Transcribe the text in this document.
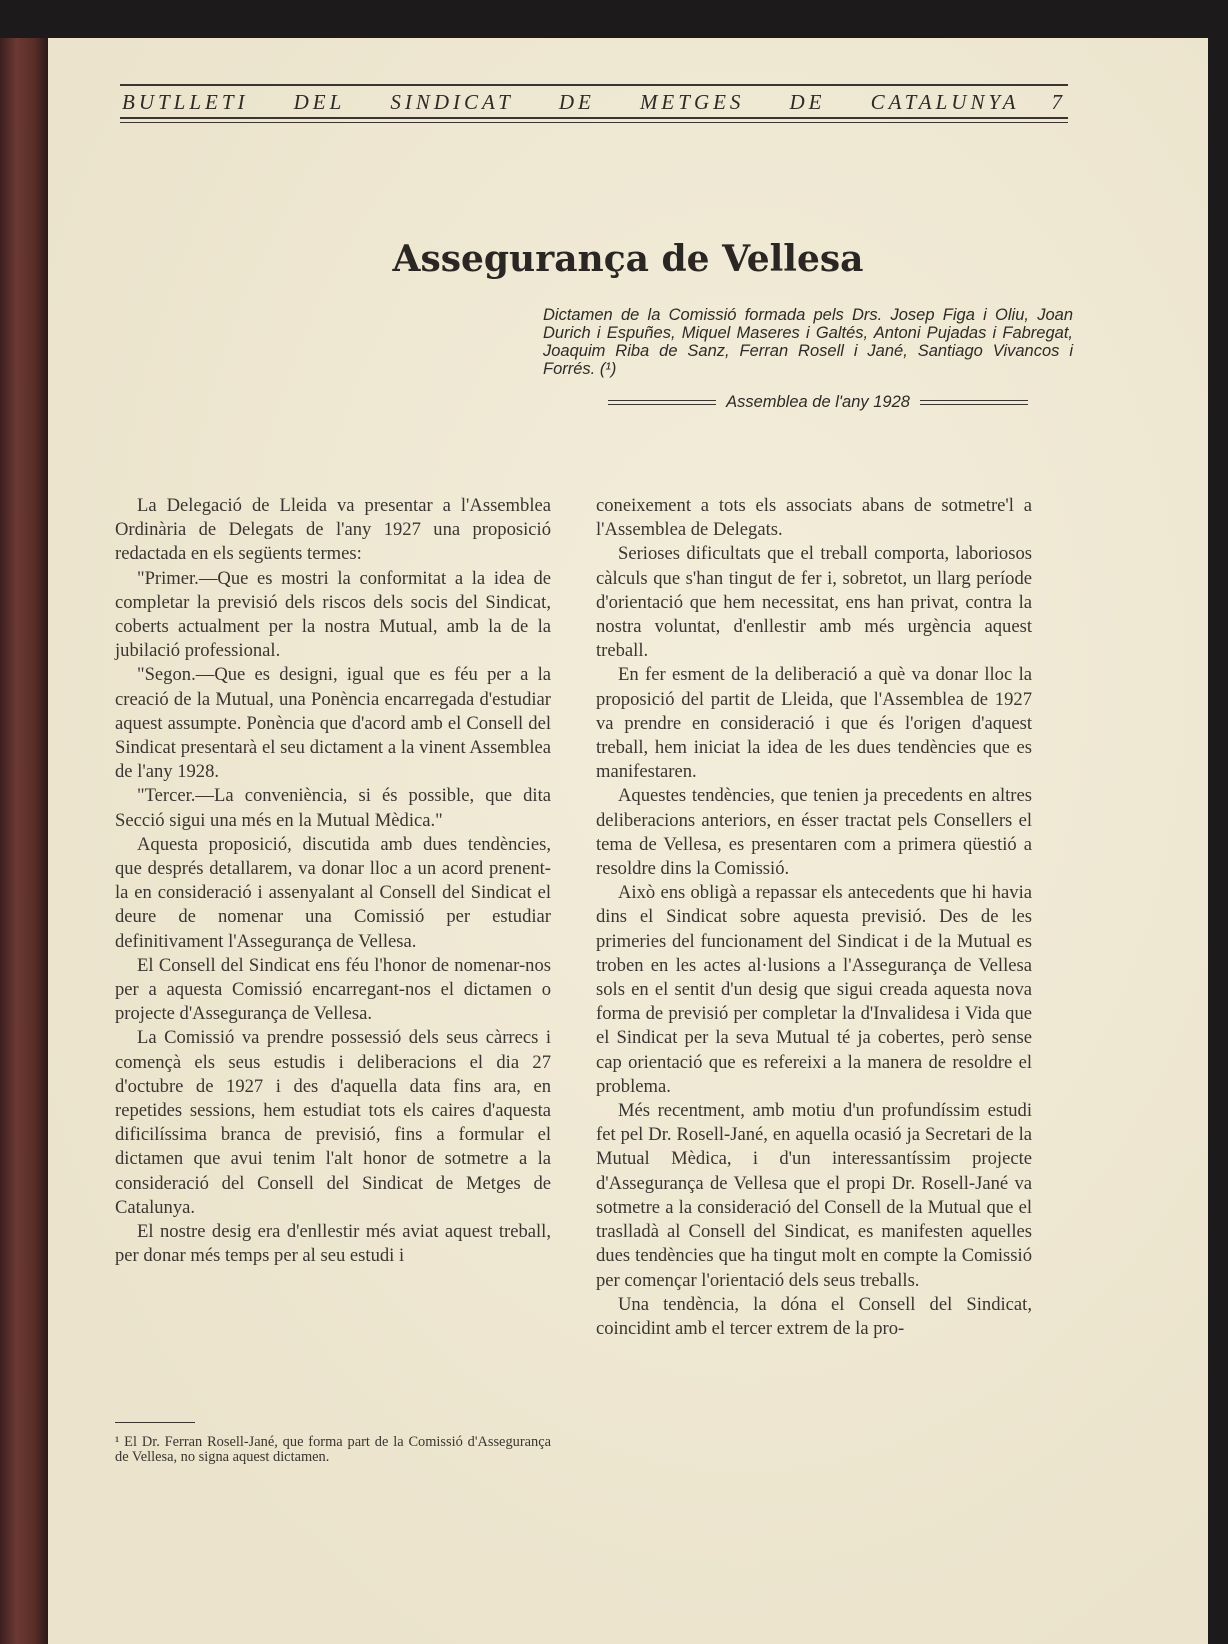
BUTLLETI DEL SINDICAT DE METGES DE CATALUNYA 7
Assegurança de Vellesa
Dictamen de la Comissió formada pels Drs. Josep Figa i Oliu, Joan Durich i Espuñes, Miquel Maseres i Galtés, Antoni Pujadas i Fabregat, Joaquim Riba de Sanz, Ferran Rosell i Jané, Santiago Vivancos i Forrés. (¹)
Assemblea de l'any 1928

La Delegació de Lleida va presentar a l'Assemblea Ordinària de Delegats de l'any 1927 una proposició redactada en els següents termes:

"Primer.—Que es mostri la conformitat a la idea de completar la previsió dels riscos dels socis del Sindicat, coberts actualment per la nostra Mutual, amb la de la jubilació professional.

"Segon.—Que es designi, igual que es féu per a la creació de la Mutual, una Ponència encarregada d'estudiar aquest assumpte. Ponència que d'acord amb el Consell del Sindicat presentarà el seu dictament a la vinent Assemblea de l'any 1928.

"Tercer.—La conveniència, si és possible, que dita Secció sigui una més en la Mutual Mèdica."

Aquesta proposició, discutida amb dues tendències, que després detallarem, va donar lloc a un acord prenent-la en consideració i assenyalant al Consell del Sindicat el deure de nomenar una Comissió per estudiar definitivament l'Assegurança de Vellesa.

El Consell del Sindicat ens féu l'honor de nomenar-nos per a aquesta Comissió encarregant-nos el dictamen o projecte d'Assegurança de Vellesa.

La Comissió va prendre possessió dels seus càrrecs i començà els seus estudis i deliberacions el dia 27 d'octubre de 1927 i des d'aquella data fins ara, en repetides sessions, hem estudiat tots els caires d'aquesta dificilíssima branca de previsió, fins a formular el dictamen que avui tenim l'alt honor de sotmetre a la consideració del Consell del Sindicat de Metges de Catalunya.

El nostre desig era d'enllestir més aviat aquest treball, per donar més temps per al seu estudi i

coneixement a tots els associats abans de sotmetre'l a l'Assemblea de Delegats.

Serioses dificultats que el treball comporta, laboriosos càlculs que s'han tingut de fer i, sobretot, un llarg període d'orientació que hem necessitat, ens han privat, contra la nostra voluntat, d'enllestir amb més urgència aquest treball.

En fer esment de la deliberació a què va donar lloc la proposició del partit de Lleida, que l'Assemblea de 1927 va prendre en consideració i que és l'origen d'aquest treball, hem iniciat la idea de les dues tendències que es manifestaren.

Aquestes tendències, que tenien ja precedents en altres deliberacions anteriors, en ésser tractat pels Consellers el tema de Vellesa, es presentaren com a primera qüestió a resoldre dins la Comissió.

Això ens obligà a repassar els antecedents que hi havia dins el Sindicat sobre aquesta previsió. Des de les primeries del funcionament del Sindicat i de la Mutual es troben en les actes al·lusions a l'Assegurança de Vellesa sols en el sentit d'un desig que sigui creada aquesta nova forma de previsió per completar la d'Invalidesa i Vida que el Sindicat per la seva Mutual té ja cobertes, però sense cap orientació que es refereixi a la manera de resoldre el problema.

Més recentment, amb motiu d'un profundíssim estudi fet pel Dr. Rosell-Jané, en aquella ocasió ja Secretari de la Mutual Mèdica, i d'un interessantíssim projecte d'Assegurança de Vellesa que el propi Dr. Rosell-Jané va sotmetre a la consideració del Consell de la Mutual que el traslladà al Consell del Sindicat, es manifesten aquelles dues tendències que ha tingut molt en compte la Comissió per començar l'orientació dels seus treballs.

Una tendència, la dóna el Consell del Sindicat, coincidint amb el tercer extrem de la pro-

¹ El Dr. Ferran Rosell-Jané, que forma part de la Comissió d'Assegurança de Vellesa, no signa aquest dictamen.
